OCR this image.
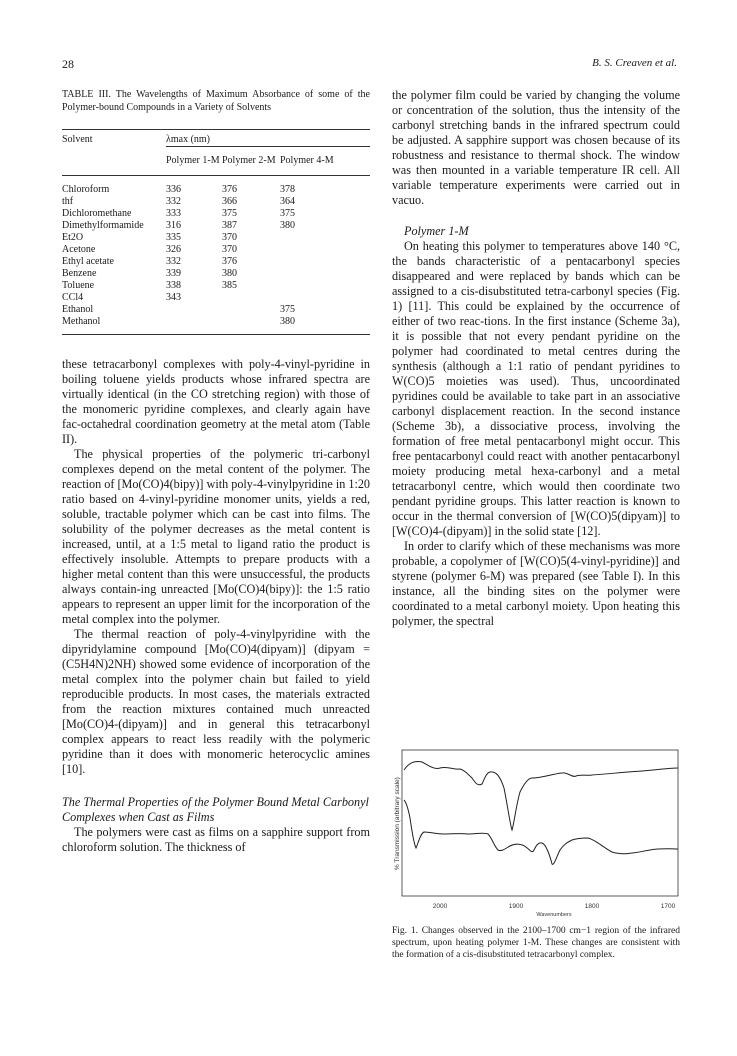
28	B. S. Creaven et al.
TABLE III. The Wavelengths of Maximum Absorbance of some of the Polymer-bound Compounds in a Variety of Solvents
Solvent	λmax (nm)		
	Polymer 1-M	Polymer 2-M	Polymer 4-M
Chloroform	336	376	378
thf	332	366	364
Dichloromethane	333	375	375
Dimethylformamide	316	387	380
Et2O	335	370	
Acetone	326	370	
Ethyl acetate	332	376	
Benzene	339	380	
Toluene	338	385	
CCl4	343		
Ethanol			375
Methanol			380

these tetracarbonyl complexes with poly-4-vinyl-pyridine in boiling toluene yields products whose infrared spectra are virtually identical (in the CO stretching region) with those of the monomeric pyridine complexes, and clearly again have fac-octahedral coordination geometry at the metal atom (Table II).

The physical properties of the polymeric tri-carbonyl complexes depend on the metal content of the polymer. The reaction of [Mo(CO)4(bipy)] with poly-4-vinylpyridine in 1:20 ratio based on 4-vinyl-pyridine monomer units, yields a red, soluble, tractable polymer which can be cast into films. The solubility of the polymer decreases as the metal content is increased, until, at a 1:5 metal to ligand ratio the product is effectively insoluble. Attempts to prepare products with a higher metal content than this were unsuccessful, the products always contain-ing unreacted [Mo(CO)4(bipy)]: the 1:5 ratio appears to represent an upper limit for the incorporation of the metal complex into the polymer.

The thermal reaction of poly-4-vinylpyridine with the dipyridylamine compound [Mo(CO)4(dipyam)] (dipyam = (C5H4N)2NH) showed some evidence of incorporation of the metal complex into the polymer chain but failed to yield reproducible products. In most cases, the materials extracted from the reaction mixtures contained much unreacted [Mo(CO)4-(dipyam)] and in general this tetracarbonyl complex appears to react less readily with the polymeric pyridine than it does with monomeric heterocyclic amines [10].

The Thermal Properties of the Polymer Bound Metal Carbonyl Complexes when Cast as Films

The polymers were cast as films on a sapphire support from chloroform solution. The thickness of

the polymer film could be varied by changing the volume or concentration of the solution, thus the intensity of the carbonyl stretching bands in the infrared spectrum could be adjusted. A sapphire support was chosen because of its robustness and resistance to thermal shock. The window was then mounted in a variable temperature IR cell. All variable temperature experiments were carried out in vacuo.

Polymer 1-M

On heating this polymer to temperatures above 140 °C, the bands characteristic of a pentacarbonyl species disappeared and were replaced by bands which can be assigned to a cis-disubstituted tetra-carbonyl species (Fig. 1) [11]. This could be explained by the occurrence of either of two reac-tions. In the first instance (Scheme 3a), it is possible that not every pendant pyridine on the polymer had coordinated to metal centres during the synthesis (although a 1:1 ratio of pendant pyridines to W(CO)5 moieties was used). Thus, uncoordinated pyridines could be available to take part in an associative carbonyl displacement reaction. In the second instance (Scheme 3b), a dissociative process, involving the formation of free metal pentacarbonyl might occur. This free pentacarbonyl could react with another pentacarbonyl moiety producing metal hexa-carbonyl and a metal tetracarbonyl centre, which would then coordinate two pendant pyridine groups. This latter reaction is known to occur in the thermal conversion of [W(CO)5(dipyam)] to [W(CO)4-(dipyam)] in the solid state [12].

In order to clarify which of these mechanisms was more probable, a copolymer of [W(CO)5(4-vinyl-pyridine)] and styrene (polymer 6-M) was prepared (see Table I). In this instance, all the binding sites on the polymer were coordinated to a metal carbonyl moiety. Upon heating this polymer, the spectral

% Transmission (arbitrary scale)
2000	1900	1800	1700
Wavenumbers
Fig. 1. Changes observed in the 2100–1700 cm−1 region of the infrared spectrum, upon heating polymer 1-M. These changes are consistent with the formation of a cis-disubstituted tetracarbonyl complex.
